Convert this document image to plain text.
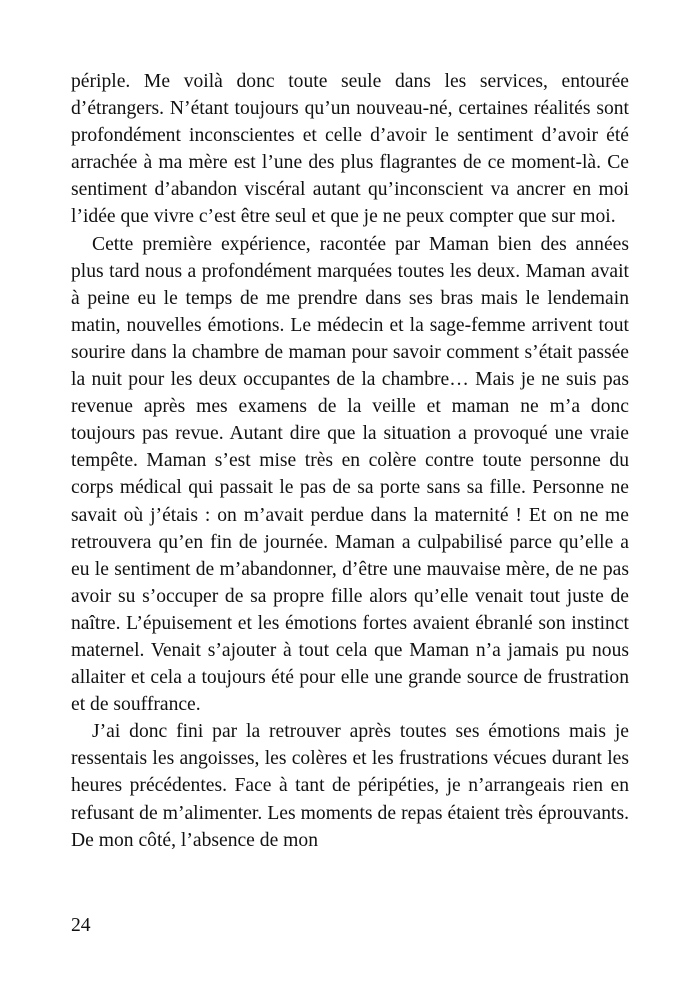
périple. Me voilà donc toute seule dans les services, entourée d’étrangers. N’étant toujours qu’un nouveau-né, certaines réalités sont profondément inconscientes et celle d’avoir le sentiment d’avoir été arrachée à ma mère est l’une des plus flagrantes de ce moment-là. Ce sentiment d’abandon viscéral autant qu’inconscient va ancrer en moi l’idée que vivre c’est être seul et que je ne peux compter que sur moi.

Cette première expérience, racontée par Maman bien des années plus tard nous a profondément marquées toutes les deux. Maman avait à peine eu le temps de me prendre dans ses bras mais le lendemain matin, nouvelles émotions. Le médecin et la sage-femme arrivent tout sourire dans la chambre de maman pour savoir comment s’était passée la nuit pour les deux occupantes de la chambre… Mais je ne suis pas revenue après mes examens de la veille et maman ne m’a donc toujours pas revue. Autant dire que la situation a provoqué une vraie tempête. Maman s’est mise très en colère contre toute personne du corps médical qui passait le pas de sa porte sans sa fille. Personne ne savait où j’étais : on m’avait perdue dans la maternité ! Et on ne me retrouvera qu’en fin de journée. Maman a culpabilisé parce qu’elle a eu le sentiment de m’abandonner, d’être une mauvaise mère, de ne pas avoir su s’occuper de sa propre fille alors qu’elle venait tout juste de naître. L’épuisement et les émotions fortes avaient ébranlé son instinct maternel. Venait s’ajouter à tout cela que Maman n’a jamais pu nous allaiter et cela a toujours été pour elle une grande source de frustration et de souffrance.

J’ai donc fini par la retrouver après toutes ses émotions mais je ressentais les angoisses, les colères et les frustrations vécues durant les heures précédentes. Face à tant de péripéties, je n’arrangeais rien en refusant de m’alimenter. Les moments de repas étaient très éprouvants. De mon côté, l’absence de mon

24
